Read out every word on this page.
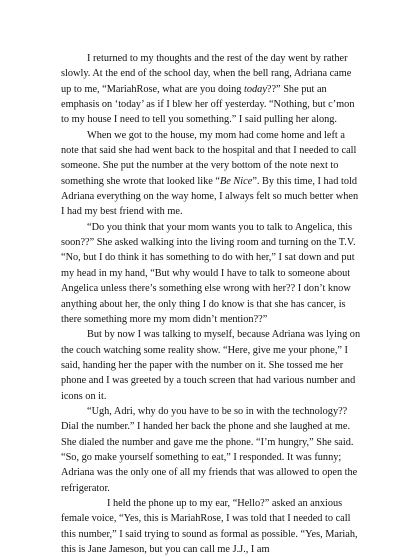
I returned to my thoughts and the rest of the day went by rather slowly. At the end of the school day, when the bell rang, Adriana came up to me, “MariahRose, what are you doing today??” She put an emphasis on ‘today’ as if I blew her off yesterday. “Nothing, but c’mon to my house I need to tell you something.” I said pulling her along.

When we got to the house, my mom had come home and left a note that said she had went back to the hospital and that I needed to call someone. She put the number at the very bottom of the note next to something she wrote that looked like “Be Nice”. By this time, I had told Adriana everything on the way home, I always felt so much better when I had my best friend with me.

“Do you think that your mom wants you to talk to Angelica, this soon??” She asked walking into the living room and turning on the T.V. “No, but I do think it has something to do with her,” I sat down and put my head in my hand, “But why would I have to talk to someone about Angelica unless there’s something else wrong with her?? I don’t know anything about her, the only thing I do know is that she has cancer, is there something more my mom didn’t mention??”

But by now I was talking to myself, because Adriana was lying on the couch watching some reality show. “Here, give me your phone,” I said, handing her the paper with the number on it. She tossed me her phone and I was greeted by a touch screen that had various number and icons on it.

“Ugh, Adri, why do you have to be so in with the technology?? Dial the number.” I handed her back the phone and she laughed at me. She dialed the number and gave me the phone. “I’m hungry,” She said. “So, go make yourself something to eat,” I responded. It was funny; Adriana was the only one of all my friends that was allowed to open the refrigerator.

I held the phone up to my ear, “Hello?” asked an anxious female voice, “Yes, this is MariahRose, I was told that I needed to call this number,” I said trying to sound as formal as possible. “Yes, Mariah, this is Jane Jameson, but you can call me J.J., I am
